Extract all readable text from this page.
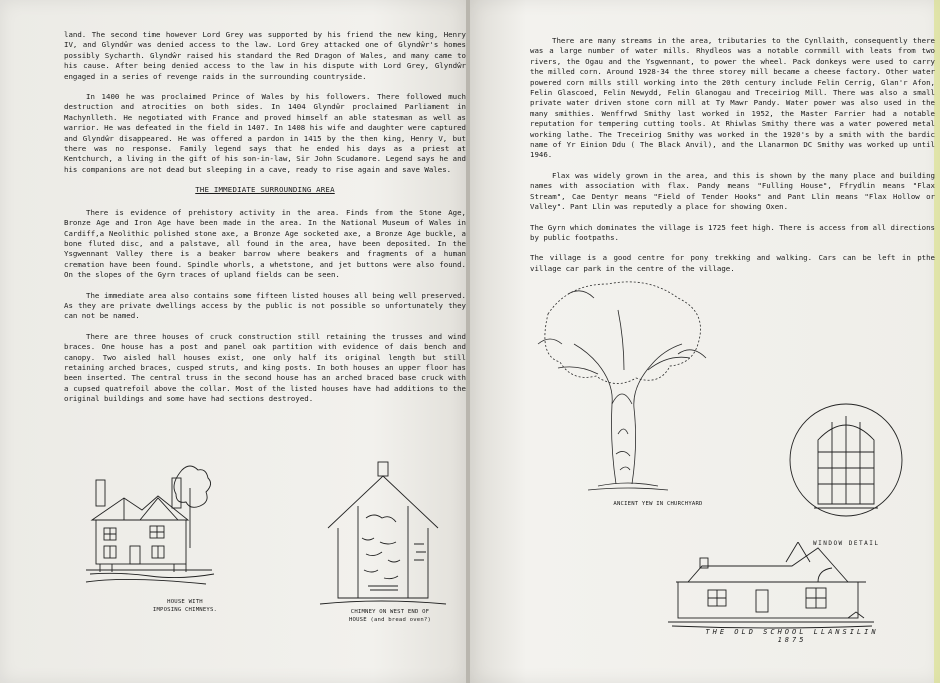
land. The second time however Lord Grey was supported by his friend the new king, Henry IV, and Glyndŵr was denied access to the law. Lord Grey attacked one of Glyndŵr's homes possibly Sycharth. Glyndŵr raised his standard the Red Dragon of Wales, and many came to his cause. After being denied access to the law in his dispute with Lord Grey, Glyndŵr engaged in a series of revenge raids in the surrounding countryside.

In 1400 he was proclaimed Prince of Wales by his followers. There followed much destruction and atrocities on both sides. In 1404 Glyndŵr proclaimed Parliament in Machynlleth. He negotiated with France and proved himself an able statesman as well as warrior. He was defeated in the field in 1407. In 1408 his wife and daughter were captured and Glyndŵr disappeared. He was offered a pardon in 1415 by the then king, Henry V, but there was no response. Family legend says that he ended his days as a priest at Kentchurch, a living in the gift of his son-in-law, Sir John Scudamore. Legend says he and his companions are not dead but sleeping in a cave, ready to rise again and save Wales.

THE IMMEDIATE SURROUNDING AREA

There is evidence of prehistory activity in the area. Finds from the Stone Age, Bronze Age and Iron Age have been made in the area. In the National Museum of Wales in Cardiff,a Neolithic polished stone axe, a Bronze Age socketed axe, a Bronze Age buckle, a bone fluted disc, and a palstave, all found in the area, have been deposited. In the Ysgwennant Valley there is a beaker barrow where beakers and fragments of a human cremation have been found. Spindle whorls, a whetstone, and jet buttons were also found. On the slopes of the Gyrn traces of upland fields can be seen.

The immediate area also contains some fifteen listed houses all being well preserved. As they are private dwellings access by the public is not possible so unfortunately they can not be named.

There are three houses of cruck construction still retaining the trusses and wind braces. One house has a post and panel oak partition with evidence of dais bench and canopy. Two aisled hall houses exist, one only half its original length but still retaining arched braces, cusped struts, and king posts. In both houses an upper floor has been inserted. The central truss in the second house has an arched braced base cruck with a cupsed quatrefoil above the collar. Most of the listed houses have had additions to the original buildings and some have had sections destroyed.

HOUSE WITH
IMPOSING CHIMNEYS.	CHIMNEY ON WEST END OF
HOUSE (and bread oven?)

There are many streams in the area, tributaries to the Cynllaith, consequently there was a large number of water mills. Rhydleos was a notable cornmill with leats from two rivers, the Ogau and the Ysgwennant, to power the wheel. Pack donkeys were used to carry the milled corn. Around 1928-34 the three storey mill became a cheese factory. Other water powered corn mills still working into the 20th century include Felin Cerrig, Glan'r Afon, Felin Glascoed, Felin Newydd, Felin Glanogau and Treceiriog Mill. There was also a small private water driven stone corn mill at Ty Mawr Pandy. Water power was also used in the many smithies. Wenffrwd Smithy last worked in 1952, the Master Farrier had a notable reputation for tempering cutting tools. At Rhiwlas Smithy there was a water powered metal working lathe. The Treceiriog Smithy was worked in the 1920's by a smith with the bardic name of Yr Einion Ddu ( The Black Anvil), and the Llanarmon DC Smithy was worked up until 1946.

Flax was widely grown in the area, and this is shown by the many place and building names with association with flax. Pandy means "Fulling House", Ffrydlin means "Flax Stream", Cae Dentyr means "Field of Tender Hooks" and Pant Llin means "Flax Hollow or Valley". Pant Llin was reputedly a place for showing Oxen.

The Gyrn which dominates the village is 1725 feet high. There is access from all directions by public footpaths.

The village is a good centre for pony trekking and walking. Cars can be left in pthe village car park in the centre of the village.

ANCIENT YEW IN CHURCHYARD
WINDOW DETAIL
THE OLD SCHOOL LLANSILIN 1875
